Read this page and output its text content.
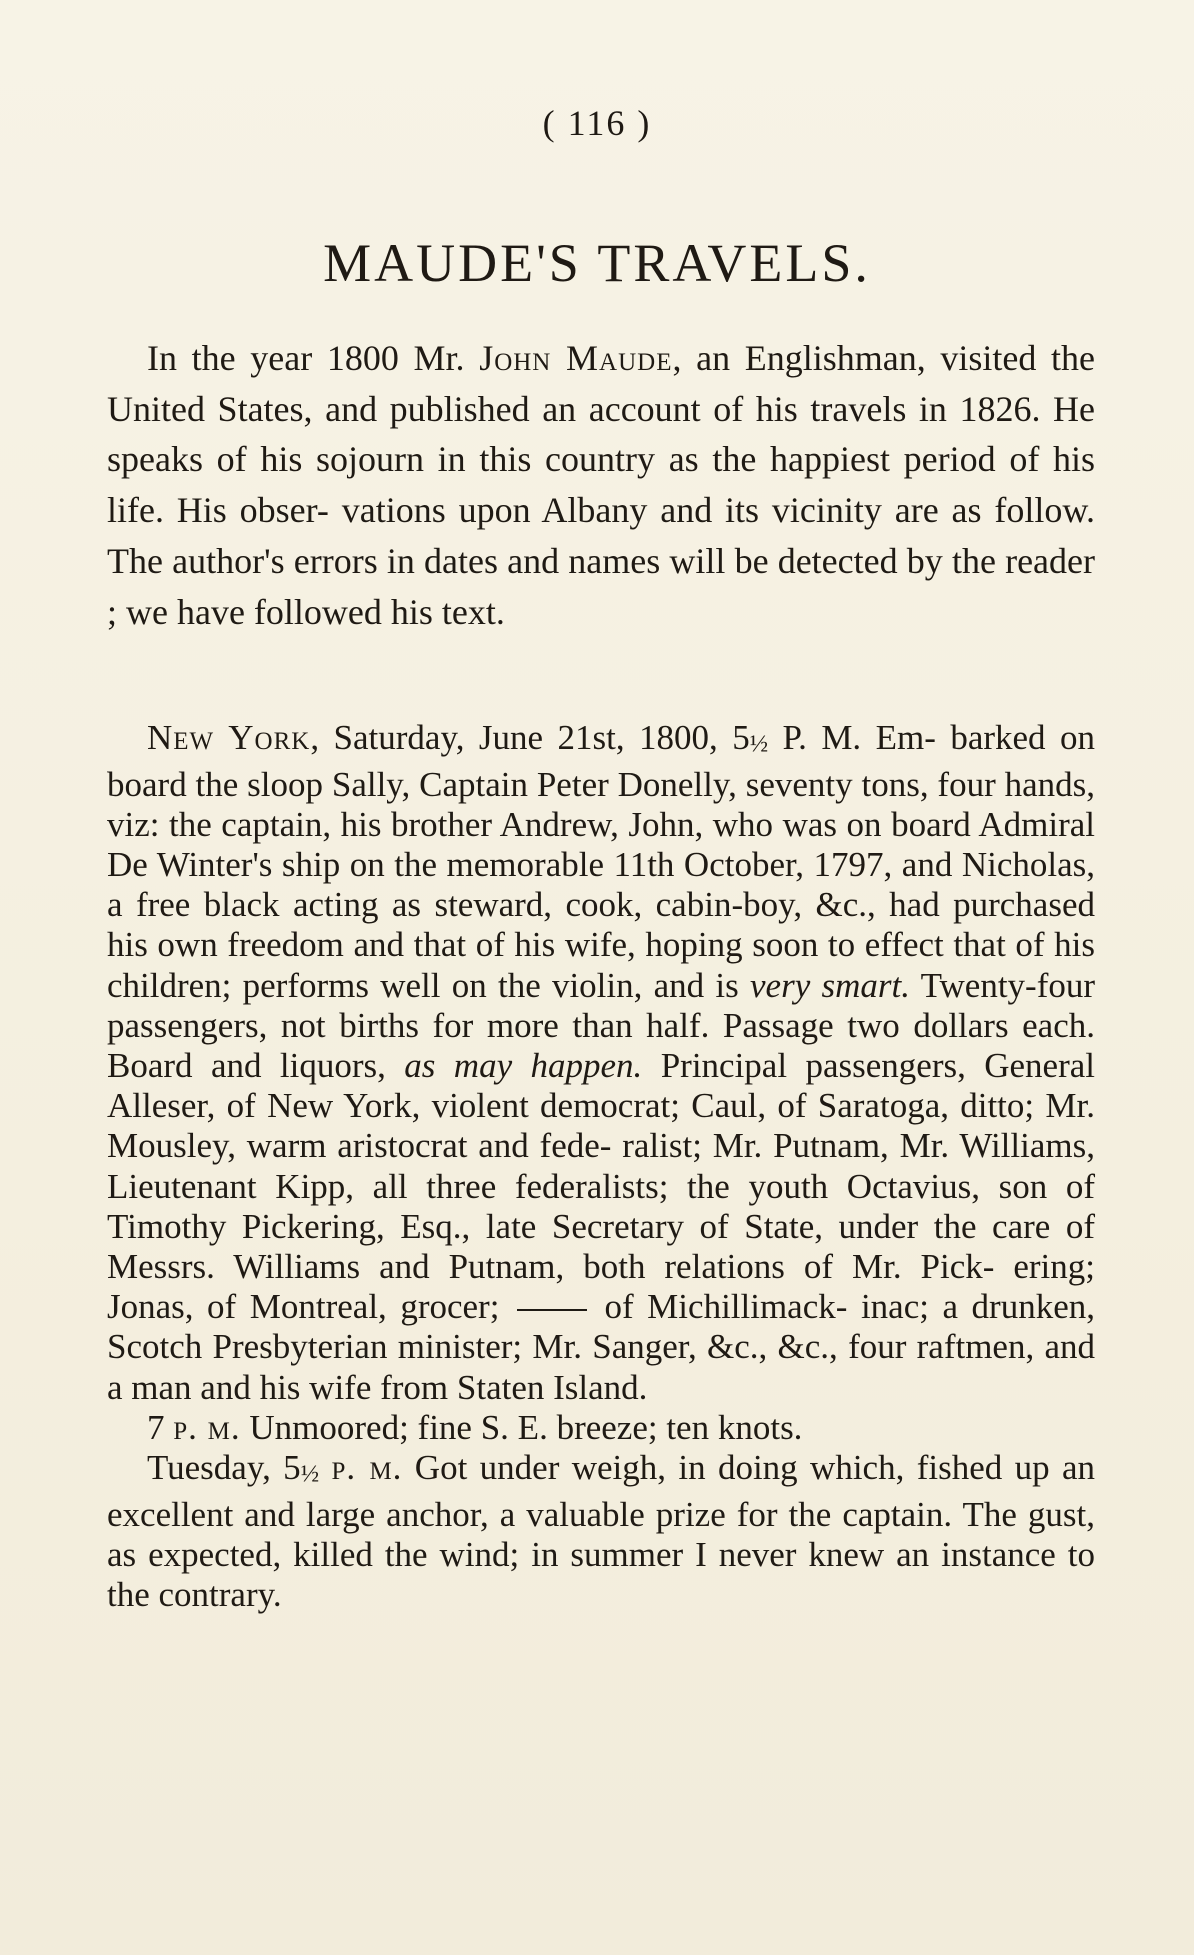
( 116 )
MAUDE'S TRAVELS.

In the year 1800 Mr. John Maude, an Englishman, visited the United States, and published an account of his travels in 1826. He speaks of his sojourn in this country as the happiest period of his life. His obser- vations upon Albany and its vicinity are as follow. The author's errors in dates and names will be detected by the reader ; we have followed his text.

New York, Saturday, June 21st, 1800, 5½ P. M. Em- barked on board the sloop Sally, Captain Peter Donelly, seventy tons, four hands, viz: the captain, his brother Andrew, John, who was on board Admiral De Winter's ship on the memorable 11th October, 1797, and Nicholas, a free black acting as steward, cook, cabin-boy, &c., had purchased his own freedom and that of his wife, hoping soon to effect that of his children; performs well on the violin, and is very smart. Twenty-four passengers, not births for more than half. Passage two dollars each. Board and liquors, as may happen. Principal passengers, General Alleser, of New York, violent democrat; Caul, of Saratoga, ditto; Mr. Mousley, warm aristocrat and fede- ralist; Mr. Putnam, Mr. Williams, Lieutenant Kipp, all three federalists; the youth Octavius, son of Timothy Pickering, Esq., late Secretary of State, under the care of Messrs. Williams and Putnam, both relations of Mr. Pick- ering; Jonas, of Montreal, grocer;	of Michillimack- inac; a drunken, Scotch Presbyterian minister; Mr. Sanger, &c., &c., four raftmen, and a man and his wife from Staten Island.

7 p. m. Unmoored; fine S. E. breeze; ten knots.

Tuesday, 5½ p. m. Got under weigh, in doing which, fished up an excellent and large anchor, a valuable prize for the captain. The gust, as expected, killed the wind; in summer I never knew an instance to the contrary.
